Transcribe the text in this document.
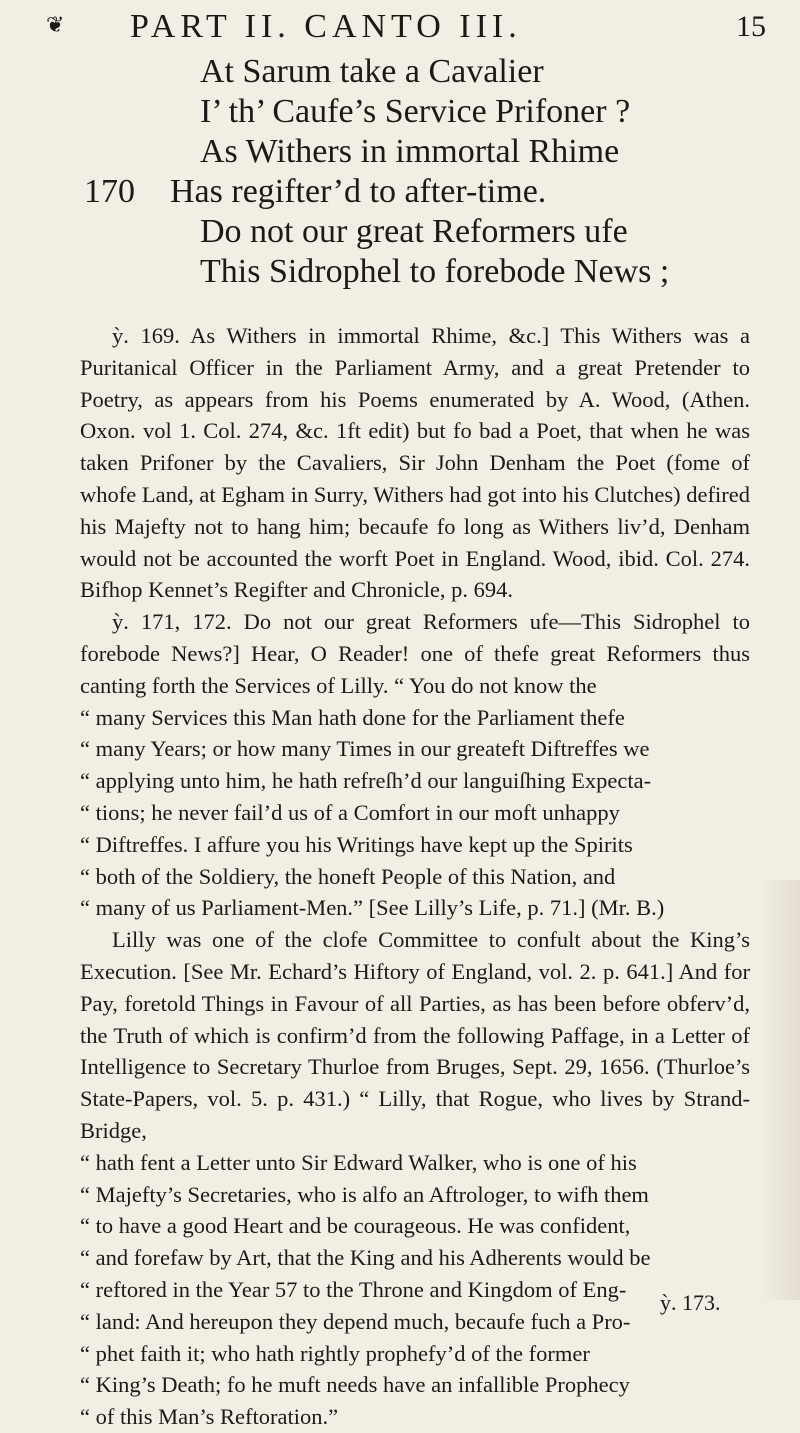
❦ PART II. CANTO III.	15
At Sarum take a Cavalier
I’ th’ Caufe’s Service Prifoner ?
As Withers in immortal Rhime
170	Has regifter’d to after-time.
Do not our great Reformers ufe
This Sidrophel to forebode News ;

ỳ. 169. As Withers in immortal Rhime, &c.] This Withers was a Puritanical Officer in the Parliament Army, and a great Pretender to Poetry, as appears from his Poems enumerated by A. Wood, (Athen. Oxon. vol 1. Col. 274, &c. 1ft edit) but fo bad a Poet, that when he was taken Prifoner by the Cavaliers, Sir John Denham the Poet (fome of whofe Land, at Egham in Surry, Withers had got into his Clutches) defired his Majefty not to hang him; becaufe fo long as Withers liv’d, Denham would not be accounted the worft Poet in England. Wood, ibid. Col. 274. Bifhop Kennet’s Regifter and Chronicle, p. 694.

ỳ. 171, 172. Do not our great Reformers ufe—This Sidrophel to forebode News?] Hear, O Reader! one of thefe great Reformers thus canting forth the Services of Lilly. “ You do not know the

“ many Services this Man hath done for the Parliament thefe
“ many Years; or how many Times in our greateft Diftreffes we
“ applying unto him, he hath refreſh’d our languiſhing Expecta-
“ tions; he never fail’d us of a Comfort in our moft unhappy
“ Diftreffes. I affure you his Writings have kept up the Spirits
“ both of the Soldiery, the honeft People of this Nation, and
“ many of us Parliament-Men.” [See Lilly’s Life, p. 71.] (Mr. B.)

Lilly was one of the clofe Committee to confult about the King’s Execution. [See Mr. Echard’s Hiftory of England, vol. 2. p. 641.] And for Pay, foretold Things in Favour of all Parties, as has been before obferv’d, the Truth of which is confirm’d from the following Paffage, in a Letter of Intelligence to Secretary Thurloe from Bruges, Sept. 29, 1656. (Thurloe’s State-Papers, vol. 5. p. 431.) “ Lilly, that Rogue, who lives by Strand-Bridge,

“ hath fent a Letter unto Sir Edward Walker, who is one of his
“ Majefty’s Secretaries, who is alfo an Aftrologer, to wifh them
“ to have a good Heart and be courageous. He was confident,
“ and forefaw by Art, that the King and his Adherents would be
“ reftored in the Year 57 to the Throne and Kingdom of Eng-
“ land: And hereupon they depend much, becaufe fuch a Pro-
“ phet faith it; who hath rightly prophefy’d of the former
“ King’s Death; fo he muft needs have an infallible Prophecy
“ of this Man’s Reftoration.”
ỳ. 173.
